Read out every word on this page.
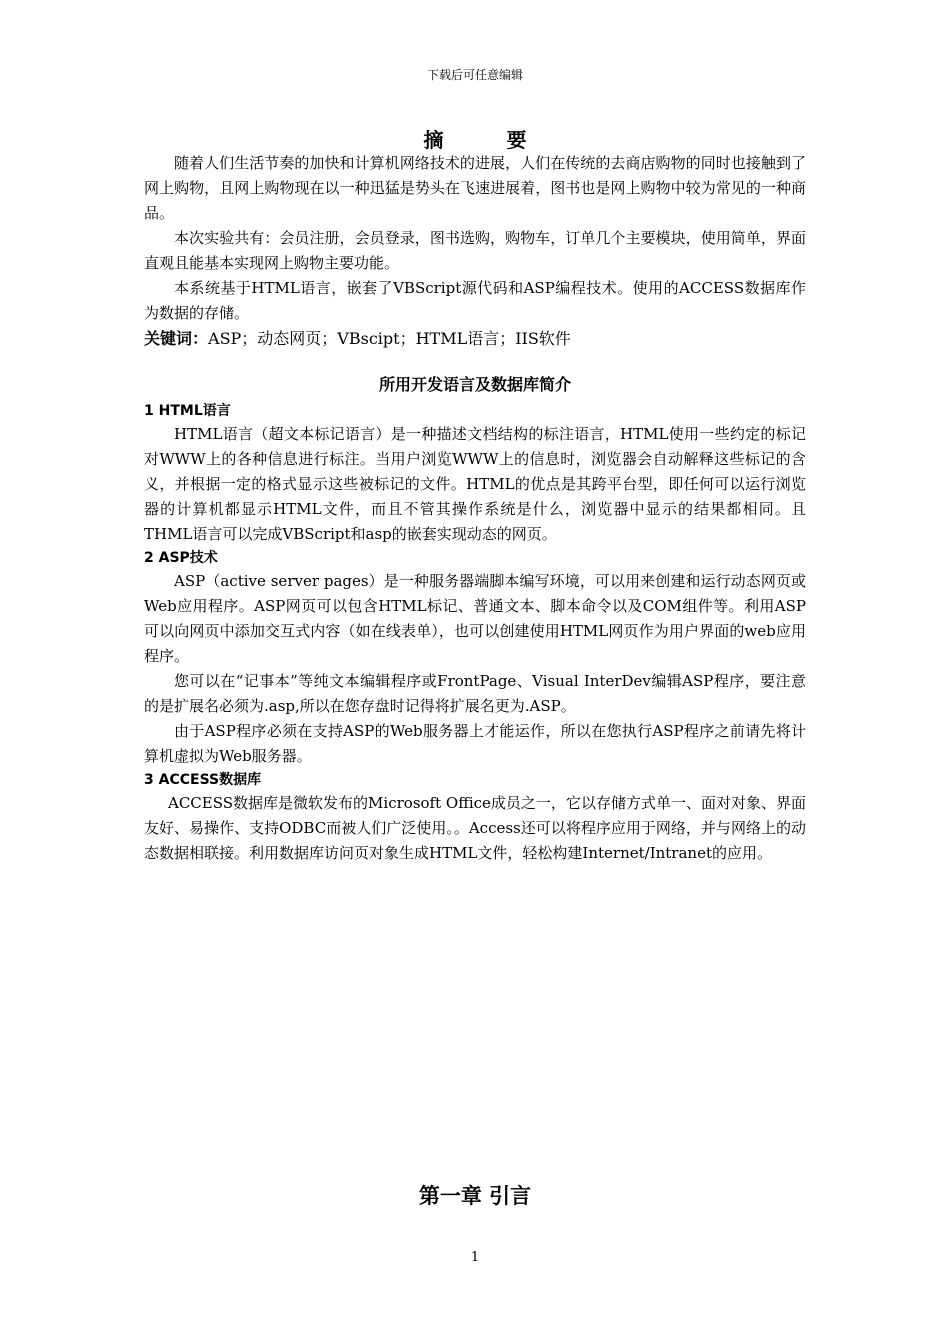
下载后可任意编辑
摘 要

随着人们生活节奏的加快和计算机网络技术的进展，人们在传统的去商店购物的同时也接触到了网上购物，且网上购物现在以一种迅猛是势头在飞速进展着，图书也是网上购物中较为常见的一种商品。

本次实验共有：会员注册，会员登录，图书选购，购物车，订单几个主要模块，使用简单，界面直观且能基本实现网上购物主要功能。

本系统基于HTML语言，嵌套了VBScript源代码和ASP编程技术。使用的ACCESS数据库作为数据的存储。

关键词：ASP；动态网页；VBscipt；HTML语言；IIS软件

所用开发语言及数据库简介
1 HTML语言

HTML语言（超文本标记语言）是一种描述文档结构的标注语言，HTML使用一些约定的标记对WWW上的各种信息进行标注。当用户浏览WWW上的信息时，浏览器会自动解释这些标记的含义，并根据一定的格式显示这些被标记的文件。HTML的优点是其跨平台型，即任何可以运行浏览器的计算机都显示HTML文件，而且不管其操作系统是什么，浏览器中显示的结果都相同。且THML语言可以完成VBScript和asp的嵌套实现动态的网页。

2 ASP技术

ASP（active server pages）是一种服务器端脚本编写环境，可以用来创建和运行动态网页或Web应用程序。ASP网页可以包含HTML标记、普通文本、脚本命令以及COM组件等。利用ASP可以向网页中添加交互式内容（如在线表单），也可以创建使用HTML网页作为用户界面的web应用程序。

您可以在“记事本”等纯文本编辑程序或FrontPage、Visual InterDev编辑ASP程序，要注意的是扩展名必须为.asp,所以在您存盘时记得将扩展名更为.ASP。

由于ASP程序必须在支持ASP的Web服务器上才能运作，所以在您执行ASP程序之前请先将计算机虚拟为Web服务器。

3 ACCESS数据库

ACCESS数据库是微软发布的Microsoft Office成员之一，它以存储方式单一、面对对象、界面友好、易操作、支持ODBC而被人们广泛使用。。Access还可以将程序应用于网络，并与网络上的动态数据相联接。利用数据库访问页对象生成HTML文件，轻松构建Internet/Intranet的应用。

第一章 引言
1
